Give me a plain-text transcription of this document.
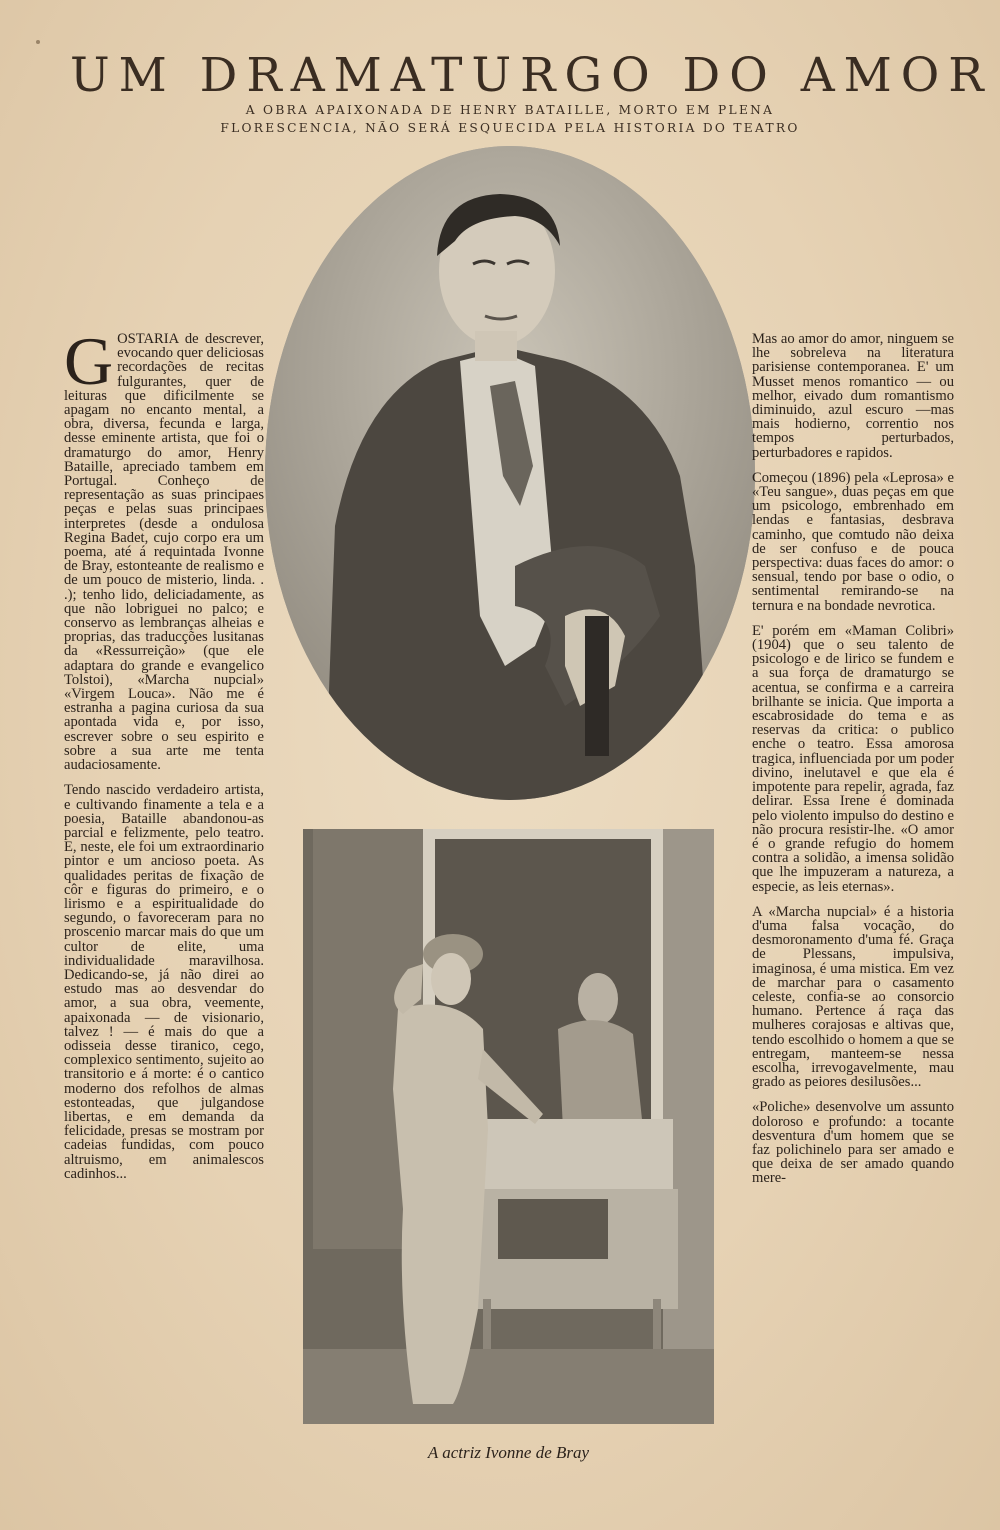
UM DRAMATURGO DO AMOR

A OBRA APAIXONADA DE HENRY BATAILLE, MORTO EM PLENA FLORESCENCIA, NÃO SERÁ ESQUECIDA PELA HISTORIA DO TEATRO

GOSTARIA de descrever, evocando quer deliciosas recordações de recitas fulgurantes, quer de leituras que dificilmente se apagam no encanto mental, a obra, diversa, fecunda e larga, desse eminente artista, que foi o dramaturgo do amor, Henry Bataille, apreciado tambem em Portugal. Conheço de representação as suas principaes peças e pelas suas principaes interpretes (desde a ondulosa Regina Badet, cujo corpo era um poema, até á requintada Ivonne de Bray, estonteante de realismo e de um pouco de misterio, linda. . .); tenho lido, deliciadamente, as que não lobriguei no palco; e conservo as lembranças alheias e proprias, das traducções lusitanas da «Ressurreição» (que ele adaptara do grande e evangelico Tolstoi), «Marcha nupcial» «Virgem Louca». Não me é estranha a pagina curiosa da sua apontada vida e, por isso, escrever sobre o seu espirito e sobre a sua arte me tenta audaciosamente.

Tendo nascido verdadeiro artista, e cultivando finamente a tela e a poesia, Bataille abandonou-as parcial e felizmente, pelo teatro. E, neste, ele foi um extraordinario pintor e um ancioso poeta. As qualidades peritas de fixação de côr e figuras do primeiro, e o lirismo e a espiritualidade do segundo, o favoreceram para no proscenio marcar mais do que um cultor de elite, uma individualidade maravilhosa. Dedicando-se, já não direi ao estudo mas ao desvendar do amor, a sua obra, veemente, apaixonada — de visionario, talvez ! — é mais do que a odisseia desse tiranico, cego, complexico sentimento, sujeito ao transitorio e á morte: é o cantico moderno dos refolhos de almas estonteadas, que julgandose libertas, e em demanda da felicidade, presas se mostram por cadeias fundidas, com pouco altruismo, em animalescos cadinhos...

A actriz Ivonne de Bray

Mas ao amor do amor, ninguem se lhe sobreleva na literatura parisiense contemporanea. E' um Musset menos romantico — ou melhor, eivado dum romantismo diminuido, azul escuro —mas mais hodierno, correntio nos tempos perturbados, perturbadores e rapidos.

Começou (1896) pela «Leprosa» e «Teu sangue», duas peças em que um psicologo, embrenhado em lendas e fantasias, desbrava caminho, que comtudo não deixa de ser confuso e de pouca perspectiva: duas faces do amor: o sensual, tendo por base o odio, o sentimental remirando-se na ternura e na bondade nevrotica.

E' porém em «Maman Colibri» (1904) que o seu talento de psicologo e de lirico se fundem e a sua força de dramaturgo se acentua, se confirma e a carreira brilhante se inicia. Que importa a escabrosidade do tema e as reservas da critica: o publico enche o teatro. Essa amorosa tragica, influenciada por um poder divino, inelutavel e que ela é impotente para repelir, agrada, faz delirar. Essa Irene é dominada pelo violento impulso do destino e não procura resistir-lhe. «O amor é o grande refugio do homem contra a solidão, a imensa solidão que lhe impuzeram a natureza, a especie, as leis eternas».

A «Marcha nupcial» é a historia d'uma falsa vocação, do desmoronamento d'uma fé. Graça de Plessans, impulsiva, imaginosa, é uma mistica. Em vez de marchar para o casamento celeste, confia-se ao consorcio humano. Pertence á raça das mulheres corajosas e altivas que, tendo escolhido o homem a que se entregam, manteem-se nessa escolha, irrevogavelmente, mau grado as peiores desilusões...

«Poliche» desenvolve um assunto doloroso e profundo: a tocante desventura d'um homem que se faz polichinelo para ser amado e que deixa de ser amado quando mere-
